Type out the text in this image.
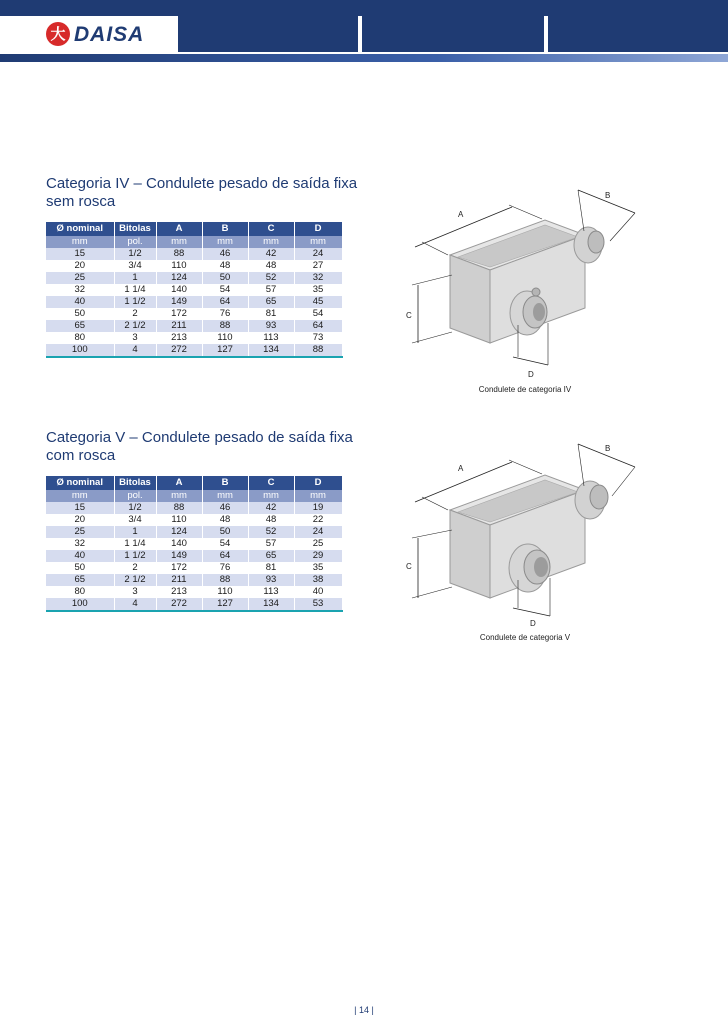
大 DAISA
Categoria IV – Condulete pesado de saída fixa
sem rosca
Ø nominal	Bitolas	A	B	C	D
mm	pol.	mm	mm	mm	mm
15	1/2	88	46	42	24
20	3/4	110	48	48	27
25	1	124	50	52	32
32	1 1/4	140	54	57	35
40	1 1/2	149	64	65	45
50	2	172	76	81	54
65	2 1/2	211	88	93	64
80	3	213	110	113	73
100	4	272	127	134	88
A
B
C
D
Condulete de categoria IV
Categoria V – Condulete pesado de saída fixa
com rosca
Ø nominal	Bitolas	A	B	C	D
mm	pol.	mm	mm	mm	mm
15	1/2	88	46	42	19
20	3/4	110	48	48	22
25	1	124	50	52	24
32	1 1/4	140	54	57	25
40	1 1/2	149	64	65	29
50	2	172	76	81	35
65	2 1/2	211	88	93	38
80	3	213	110	113	40
100	4	272	127	134	53
A
B
C
D
Condulete de categoria V
| 14 |
